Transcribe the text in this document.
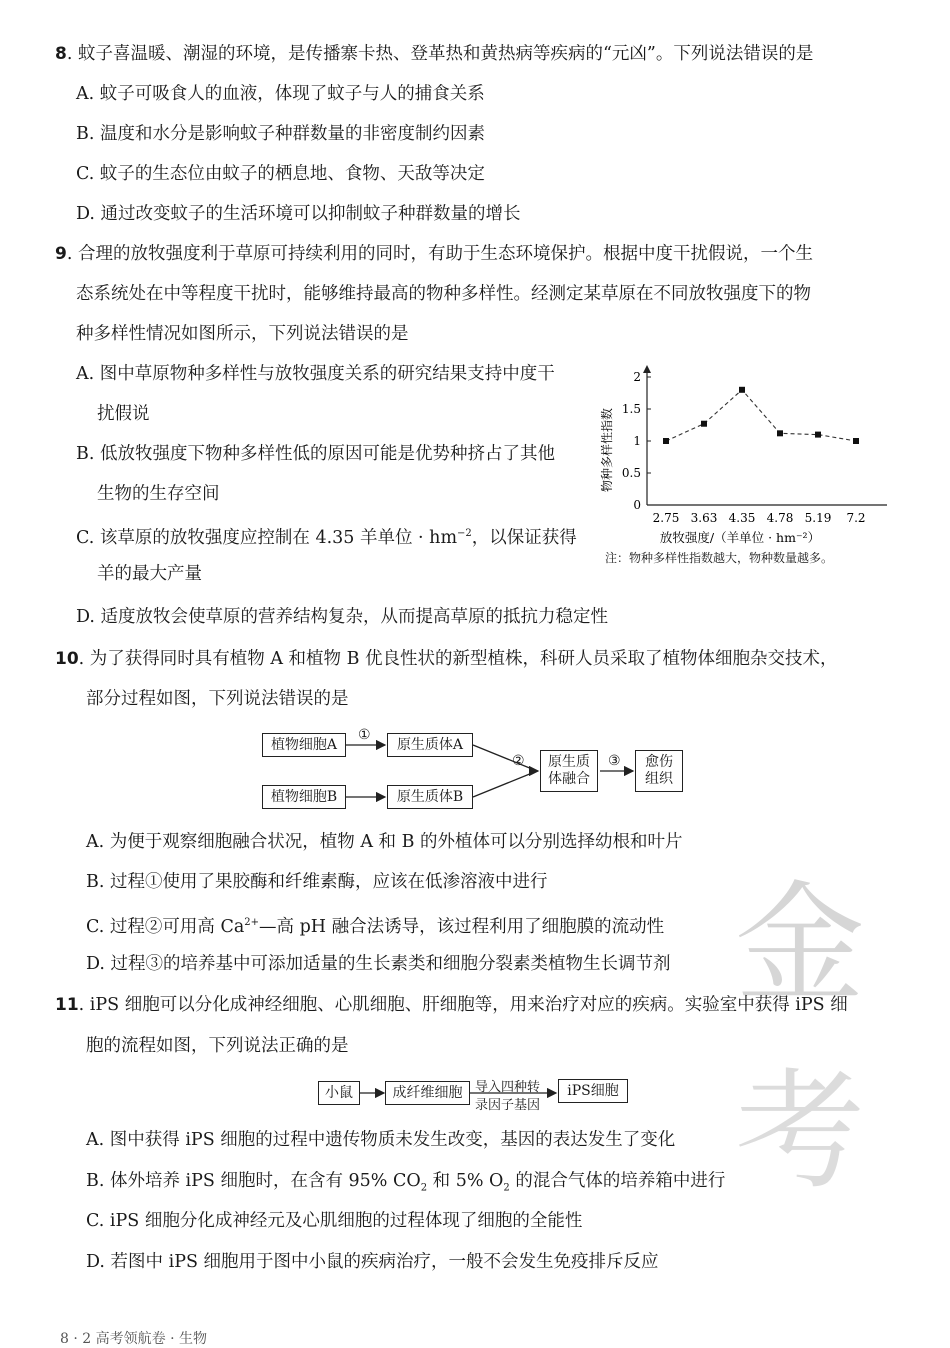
8. 蚊子喜温暖、潮湿的环境，是传播寨卡热、登革热和黄热病等疾病的“元凶”。下列说法错误的是
A. 蚊子可吸食人的血液，体现了蚊子与人的捕食关系
B. 温度和水分是影响蚊子种群数量的非密度制约因素
C. 蚊子的生态位由蚊子的栖息地、食物、天敌等决定
D. 通过改变蚊子的生活环境可以抑制蚊子种群数量的增长
9. 合理的放牧强度利于草原可持续利用的同时，有助于生态环境保护。根据中度干扰假说，一个生
态系统处在中等程度干扰时，能够维持最高的物种多样性。经测定某草原在不同放牧强度下的物
种多样性情况如图所示，下列说法错误的是
A. 图中草原物种多样性与放牧强度关系的研究结果支持中度干
扰假说
B. 低放牧强度下物种多样性低的原因可能是优势种挤占了其他
生物的生存空间
C. 该草原的放牧强度应控制在 4.35 羊单位 · $hm^{-2}$，以保证获得
羊的最大产量
D. 适度放牧会使草原的营养结构复杂，从而提高草原的抵抗力稳定性
物种多样性指数
0
0.5
1
1.5
2
2.75 3.63 4.35 4.78 5.19 7.2
放牧强度/（羊单位 · hm⁻²）
注：物种多样性指数越大，物种数量越多。
10. 为了获得同时具有植物 A 和植物 B 优良性状的新型植株，科研人员采取了植物体细胞杂交技术，
部分过程如图，下列说法错误的是
植物细胞A
植物细胞B
原生质体A
原生质体B
原生质
体融合
愈伤
组织
①
②	③
A. 为便于观察细胞融合状况，植物 A 和 B 的外植体可以分别选择幼根和叶片
B. 过程①使用了果胶酶和纤维素酶，应该在低渗溶液中进行
C. 过程②可用高 $Ca^{2+}—$高 pH 融合法诱导，该过程利用了细胞膜的流动性
D. 过程③的培养基中可添加适量的生长素类和细胞分裂素类植物生长调节剂 金考
11. iPS 细胞可以分化成神经细胞、心肌细胞、肝细胞等，用来治疗对应的疾病。实验室中获得 iPS 细
胞的流程如图，下列说法正确的是
小鼠	成纤维细胞 导入四种转
录因子基因
iPS细胞
A. 图中获得 iPS 细胞的过程中遗传物质未发生改变，基因的表达发生了变化
B. 体外培养 iPS 细胞时，在含有 95% $CO_2$ 和 5% $O_2$ 的混合气体的培养箱中进行
C. iPS 细胞分化成神经元及心肌细胞的过程体现了细胞的全能性
D. 若图中 iPS 细胞用于图中小鼠的疾病治疗，一般不会发生免疫排斥反应
8 · 2 高考领航卷 · 生物
